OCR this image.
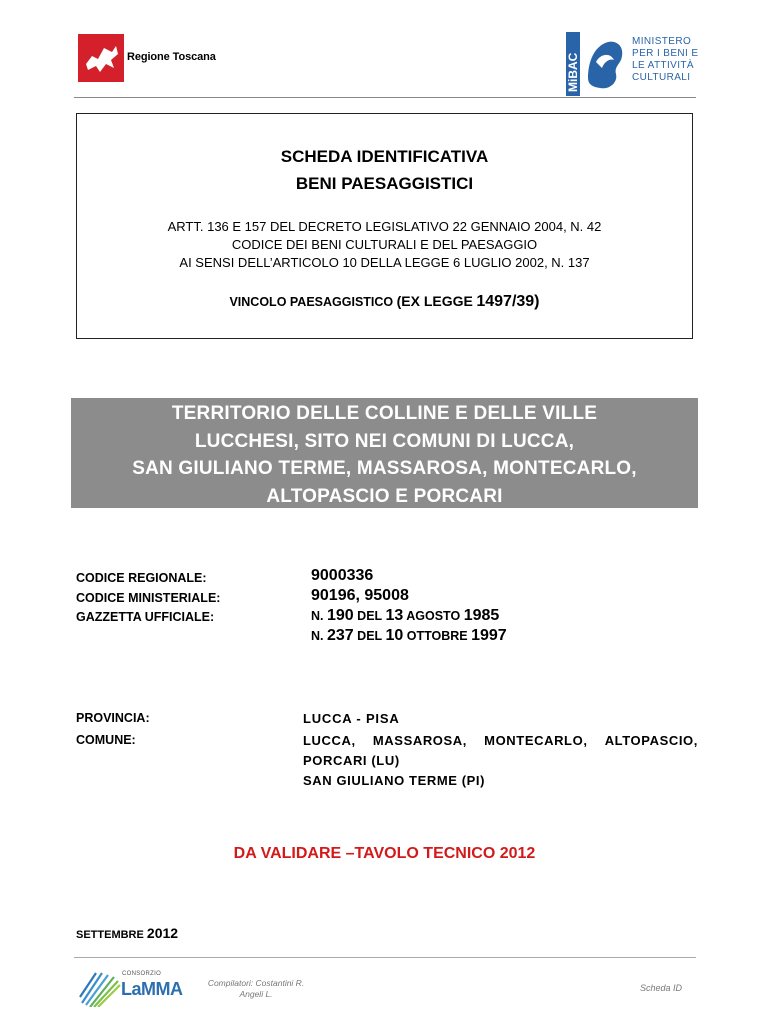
Regione Toscana	MiBAC
MINISTERO
PER I BENI E
LE ATTIVITÀ
CULTURALI
SCHEDA IDENTIFICATIVA
BENI PAESAGGISTICI
ARTT. 136 E 157 DEL DECRETO LEGISLATIVO 22 GENNAIO 2004, N. 42
CODICE DEI BENI CULTURALI E DEL PAESAGGIO
AI SENSI DELL’ARTICOLO 10 DELLA LEGGE 6 LUGLIO 2002, N. 137
VINCOLO PAESAGGISTICO (EX LEGGE 1497/39)
TERRITORIO DELLE COLLINE E DELLE VILLE
LUCCHESI, SITO NEI COMUNI DI LUCCA,
SAN GIULIANO TERME, MASSAROSA, MONTECARLO,
ALTOPASCIO E PORCARI
CODICE REGIONALE:	9000336
CODICE MINISTERIALE:	90196, 95008
GAZZETTA UFFICIALE:	N. 190 DEL 13 AGOSTO 1985
N. 237 DEL 10 OTTOBRE 1997
PROVINCIA:	LUCCA - PISA
COMUNE:	LUCCA, MASSAROSA, MONTECARLO, ALTOPASCIO,
PORCARI (LU)
SAN GIULIANO TERME (PI)
DA VALIDARE –TAVOLO TECNICO 2012
SETTEMBRE 2012
CONSORZIO
LaMMA	Compilatori: Costantini R.
Angeli L.
Scheda ID
